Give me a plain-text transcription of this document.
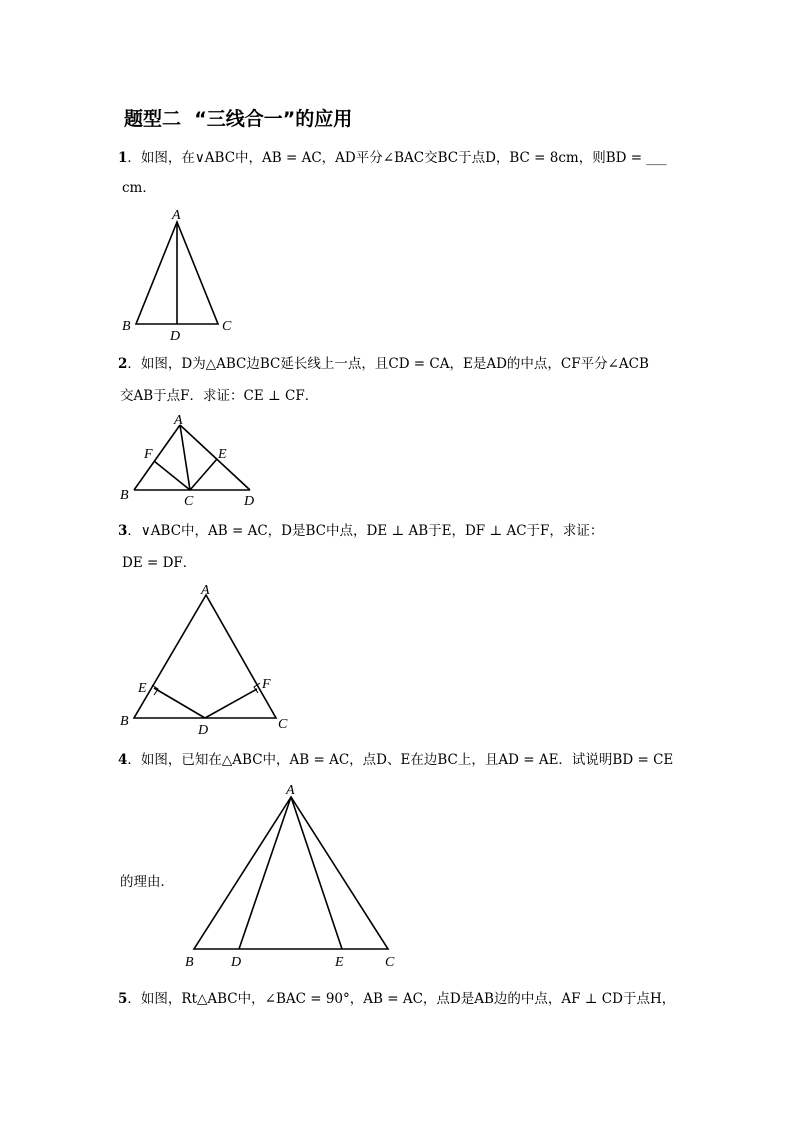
题型二  “三线合一”的应用
1．如图，在∨ABC中，AB = AC，AD平分∠BAC交BC于点D，BC = 8cm，则BD = ___
cm．
A
B	C
D
2．如图，D为△ABC边BC延长线上一点，且CD = CA，E是AD的中点，CF平分∠ACB
交AB于点F．求证：CE ⊥ CF．
A
F	E
B	C	D
3．∨ABC中，AB = AC，D是BC中点，DE ⊥ AB于E，DF ⊥ AC于F，求证：
DE = DF．
A
E	F
B
D	C
4．如图，已知在△ABC中，AB = AC，点D、E在边BC上，且AD = AE．试说明BD = CE
的理由．
A
B	D	E	C
5．如图，Rt△ABC中，∠BAC = 90°，AB = AC，点D是AB边的中点，AF ⊥ CD于点H，
